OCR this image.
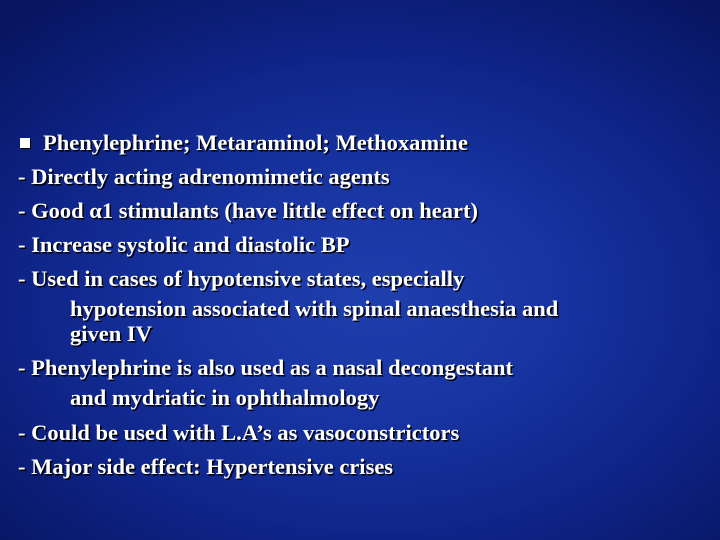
Phenylephrine; Metaraminol; Methoxamine
- Directly acting adrenomimetic agents
- Good α1 stimulants (have little effect on heart)
- Increase systolic and diastolic BP
- Used in cases of hypotensive states, especially
hypotension associated with spinal anaesthesia and
given IV
- Phenylephrine is also used as a nasal decongestant
and mydriatic in ophthalmology
- Could be used with L.A’s as vasoconstrictors
- Major side effect: Hypertensive crises
